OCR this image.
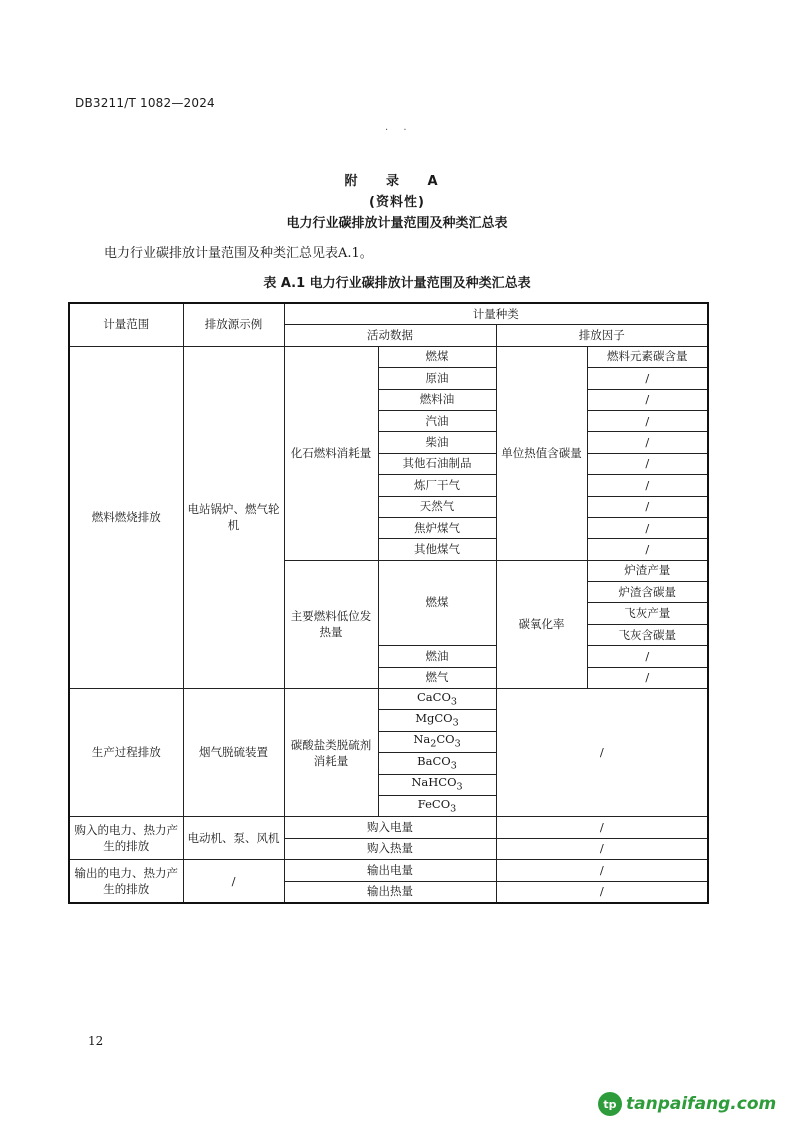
DB3211/T 1082—2024
. .
附 录 A
(资料性)
电力行业碳排放计量范围及种类汇总表
电力行业碳排放计量范围及种类汇总见表A.1。
表 A.1 电力行业碳排放计量范围及种类汇总表
计量范围	排放源示例	计量种类			
		活动数据		排放因子	
燃料燃烧排放	电站锅炉、燃气轮机	化石燃料消耗量	燃煤	单位热值含碳量	燃料元素碳含量
			原油		/
			燃料油		/
			汽油		/
			柴油		/
			其他石油制品		/
			炼厂干气		/
			天然气		/
			焦炉煤气		/
			其他煤气		/
		主要燃料低位发热量	燃煤	碳氧化率	炉渣产量
					炉渣含碳量
					飞灰产量
					飞灰含碳量
			燃油		/
			燃气		/
生产过程排放	烟气脱硫装置	碳酸盐类脱硫剂消耗量	CaCO$_3$	/	
			MgCO$_3$
			$Na_2CO_3$
			BaCO$_3$
			NaHCO$_3$
			FeCO$_3$
购入的电力、热力产生的排放	电动机、泵、风机	购入电量		/	
		购入热量		/	
输出的电力、热力产生的排放	/	输出电量		/	
		输出热量		/	
12
tp tanpaifang.com
